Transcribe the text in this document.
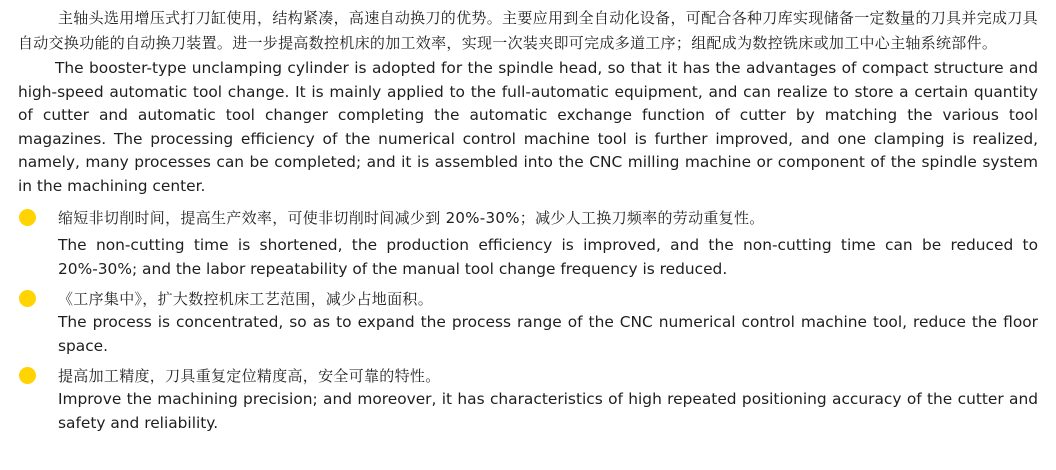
主轴头选用增压式打刀缸使用，结构紧凑，高速自动换刀的优势。主要应用到全自动化设备，可配合各种刀库实现储备一定数量的刀具并完成刀具自动交换功能的自动换刀装置。进一步提高数控机床的加工效率，实现一次装夹即可完成多道工序；组配成为数控铣床或加工中心主轴系统部件。

The booster-type unclamping cylinder is adopted for the spindle head, so that it has the advantages of compact structure and high-speed automatic tool change. It is mainly applied to the full-automatic equipment, and can realize to store a certain quantity of cutter and automatic tool changer completing the automatic exchange function of cutter by matching the various tool magazines. The processing efficiency of the numerical control machine tool is further improved, and one clamping is realized, namely, many processes can be completed; and it is assembled into the CNC milling machine or component of the spindle system in the machining center.

缩短非切削时间，提高生产效率，可使非切削时间减少到 20%-30%；减少人工换刀频率的劳动重复性。

The non-cutting time is shortened, the production efficiency is improved, and the non-cutting time can be reduced to 20%-30%; and the labor repeatability of the manual tool change frequency is reduced.

《工序集中》，扩大数控机床工艺范围，减少占地面积。

The process is concentrated, so as to expand the process range of the CNC numerical control machine tool, reduce the floor space.

提高加工精度，刀具重复定位精度高，安全可靠的特性。

Improve the machining precision; and moreover, it has characteristics of high repeated positioning accuracy of the cutter and safety and reliability.
